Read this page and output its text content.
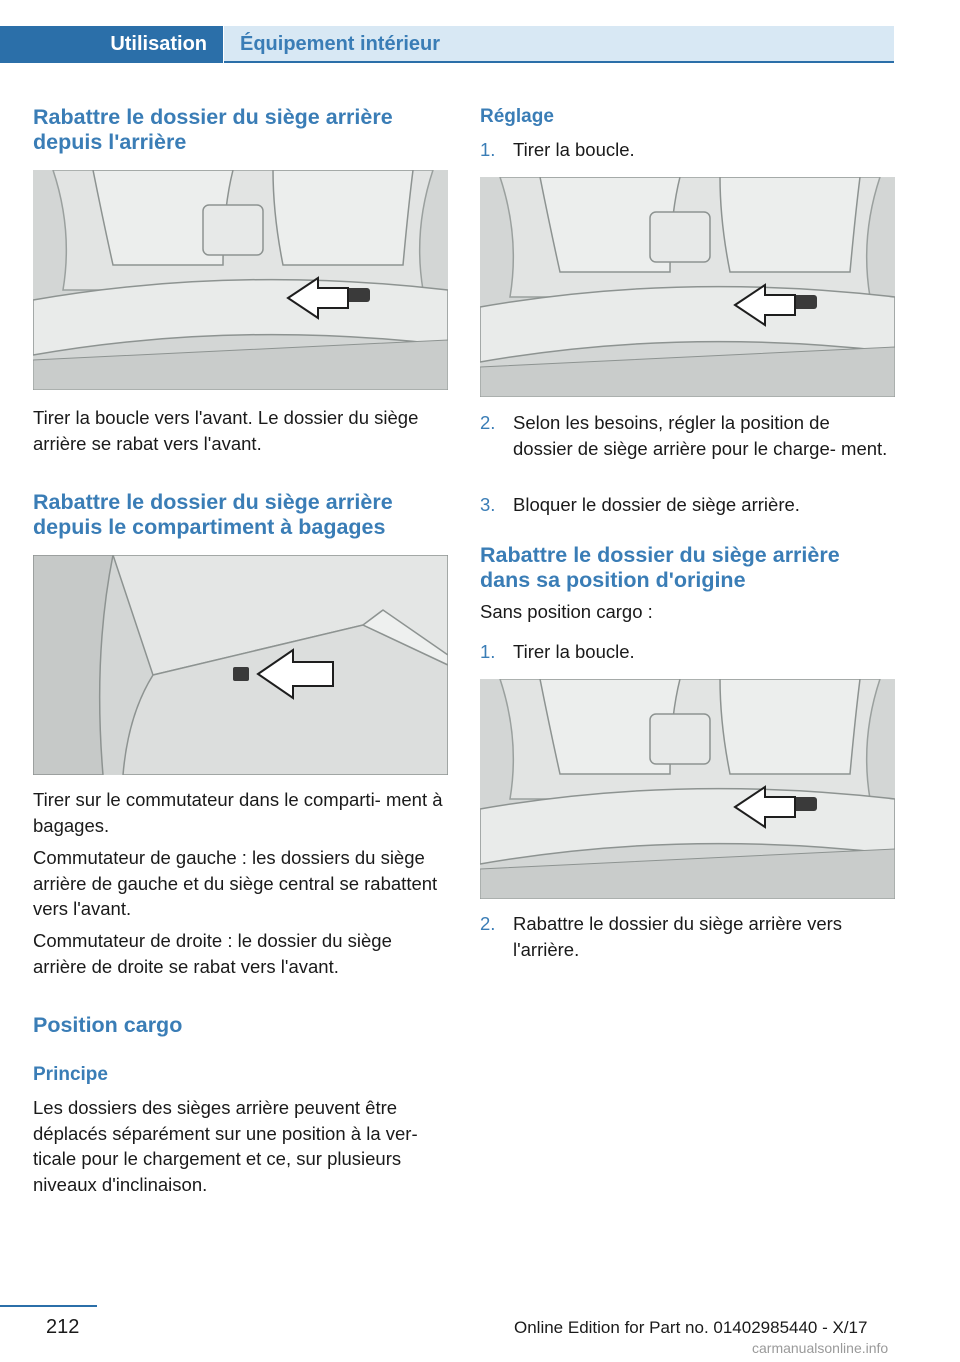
Utilisation Équipement intérieur
Rabattre le dossier du siège arrière depuis l'arrière
Tirer la boucle vers l'avant. Le dossier du siège arrière se rabat vers l'avant.
Rabattre le dossier du siège arrière depuis le compartiment à bagages
Tirer sur le commutateur dans le comparti‐ ment à bagages.
Commutateur de gauche : les dossiers du siège arrière de gauche et du siège central se rabattent vers l'avant.
Commutateur de droite : le dossier du siège arrière de droite se rabat vers l'avant.
Position cargo
Principe
Les dossiers des sièges arrière peuvent être déplacés séparément sur une position à la ver‐ ticale pour le chargement et ce, sur plusieurs niveaux d'inclinaison.
Réglage
1. Tirer la boucle.
2. Selon les besoins, régler la position de dossier de siège arrière pour le charge‐ ment.
3. Bloquer le dossier de siège arrière.
Rabattre le dossier du siège arrière dans sa position d'origine
Sans position cargo :
1. Tirer la boucle.
2. Rabattre le dossier du siège arrière vers l'arrière.
212	Online Edition for Part no. 01402985440 - X/17
carmanualsonline.info
